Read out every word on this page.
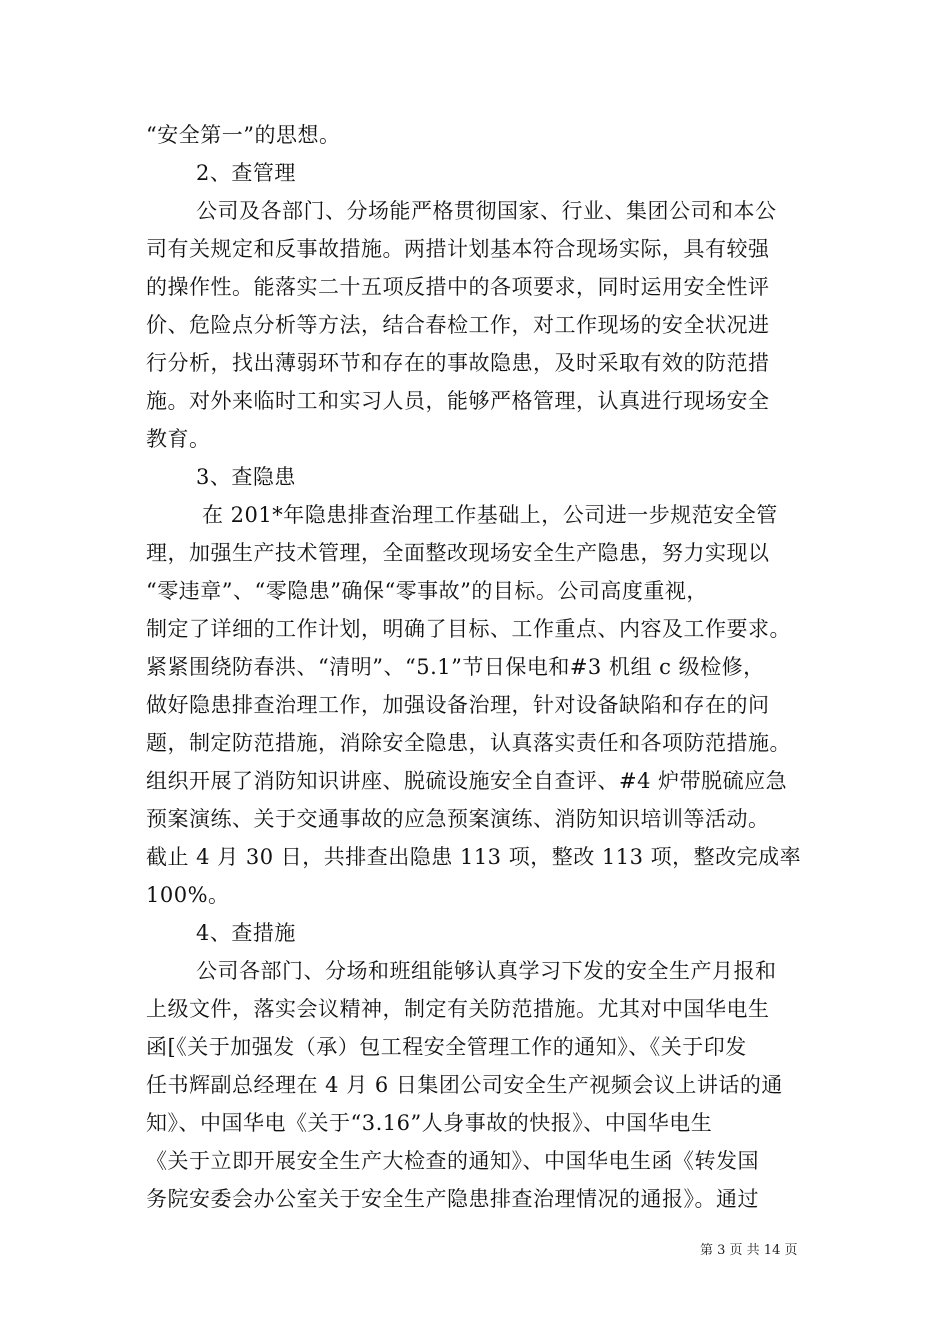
“安全第一”的思想。
2、查管理
公司及各部门、分场能严格贯彻国家、行业、集团公司和本公
司有关规定和反事故措施。两措计划基本符合现场实际，具有较强
的操作性。能落实二十五项反措中的各项要求，同时运用安全性评
价、危险点分析等方法，结合春检工作，对工作现场的安全状况进
行分析，找出薄弱环节和存在的事故隐患，及时采取有效的防范措
施。对外来临时工和实习人员，能够严格管理，认真进行现场安全
教育。
3、查隐患
在 201*年隐患排查治理工作基础上，公司进一步规范安全管
理，加强生产技术管理，全面整改现场安全生产隐患，努力实现以
“零违章”、“零隐患”确保“零事故”的目标。公司高度重视，
制定了详细的工作计划，明确了目标、工作重点、内容及工作要求。
紧紧围绕防春洪、“清明”、“5.1”节日保电和#3 机组 c 级检修，
做好隐患排查治理工作，加强设备治理，针对设备缺陷和存在的问
题，制定防范措施，消除安全隐患，认真落实责任和各项防范措施。
组织开展了消防知识讲座、脱硫设施安全自查评、#4 炉带脱硫应急
预案演练、关于交通事故的应急预案演练、消防知识培训等活动。
截止 4 月 30 日，共排查出隐患 113 项，整改 113 项，整改完成率
100%。
4、查措施
公司各部门、分场和班组能够认真学习下发的安全生产月报和
上级文件，落实会议精神，制定有关防范措施。尤其对中国华电生
函[《关于加强发（承）包工程安全管理工作的通知》、《关于印发
任书辉副总经理在 4 月 6 日集团公司安全生产视频会议上讲话的通
知》、中国华电《关于“3.16”人身事故的快报》、中国华电生
《关于立即开展安全生产大检查的通知》、中国华电生函《转发国
务院安委会办公室关于安全生产隐患排查治理情况的通报》。通过
第 3 页 共 14 页
